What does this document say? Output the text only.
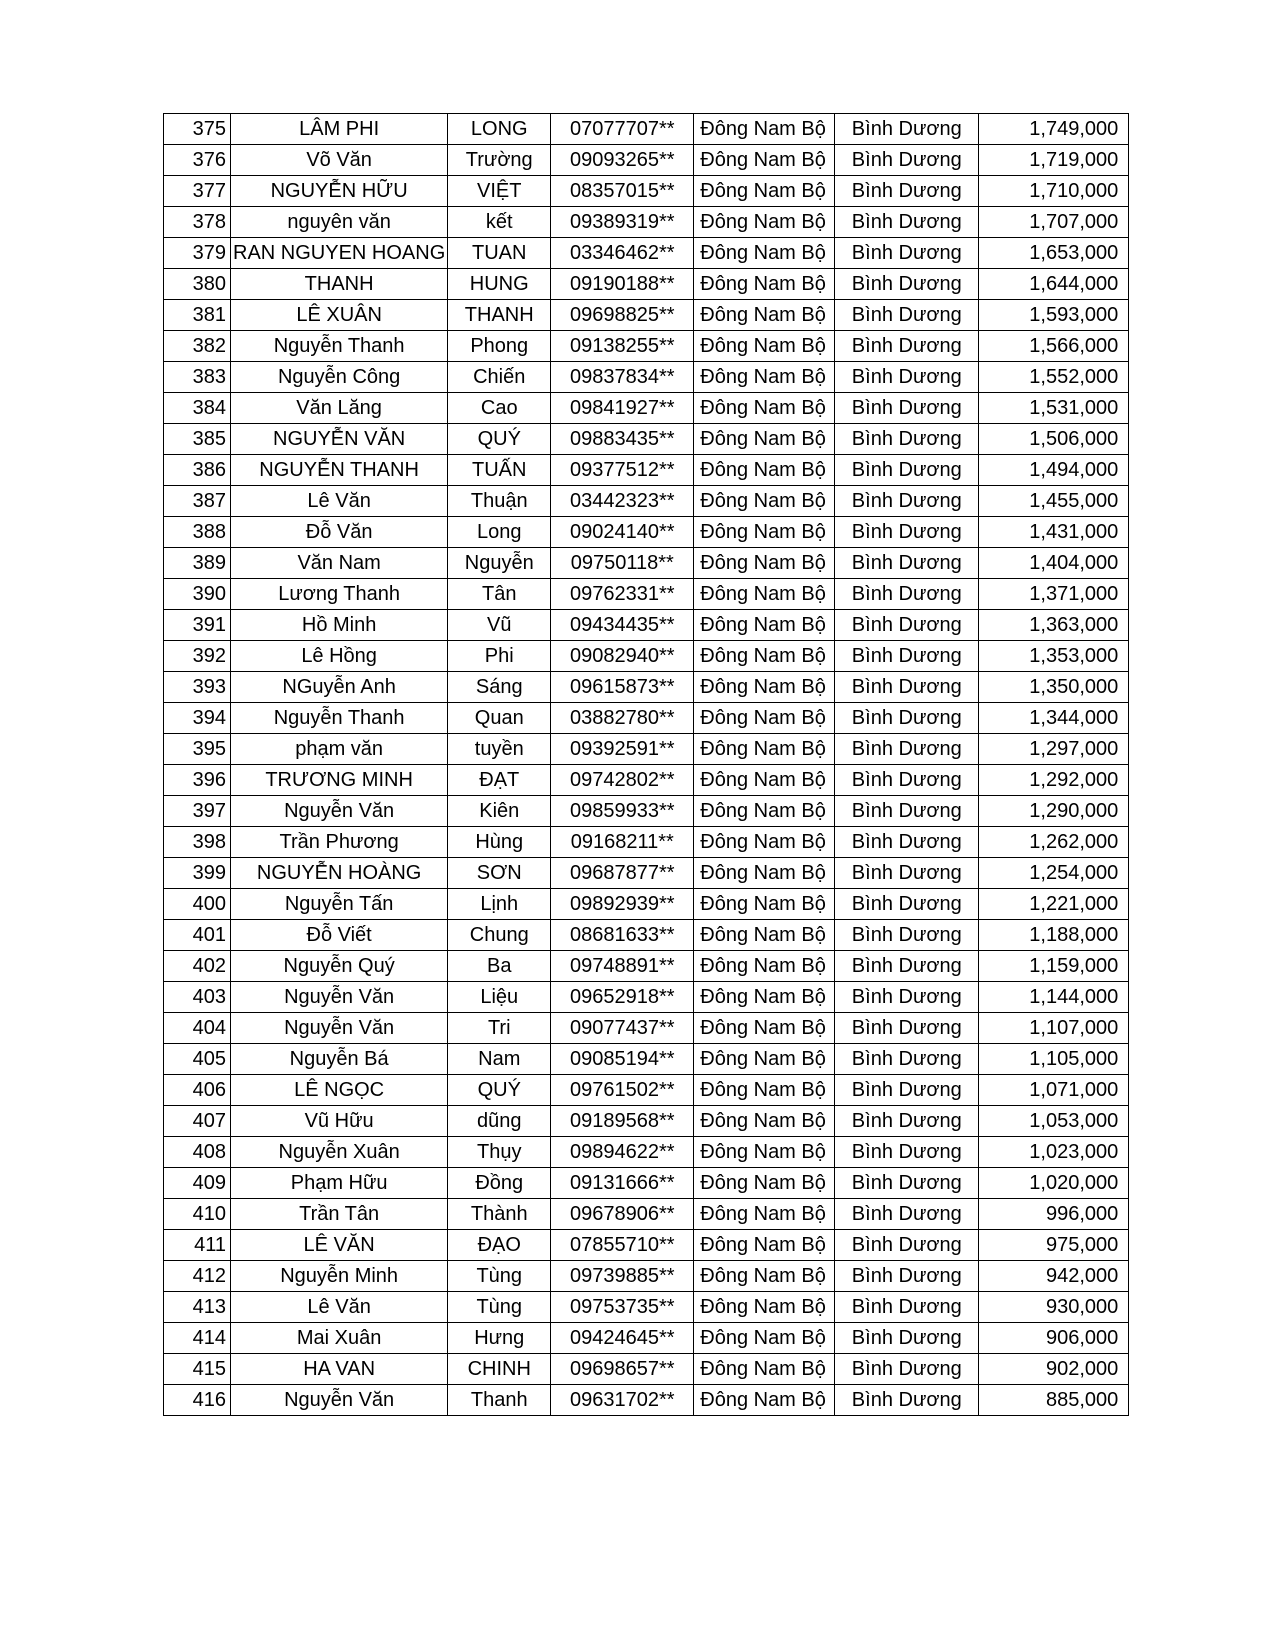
375	LÂM PHI	LONG	07077707**	Đông Nam Bộ	Bình Dương	1,749,000
376	Võ Văn	Trường	09093265**	Đông Nam Bộ	Bình Dương	1,719,000
377	NGUYỄN HỮU	VIỆT	08357015**	Đông Nam Bộ	Bình Dương	1,710,000
378	nguyên văn	kết	09389319**	Đông Nam Bộ	Bình Dương	1,707,000
379	RAN NGUYEN HOANG	TUAN	03346462**	Đông Nam Bộ	Bình Dương	1,653,000
380	THANH	HUNG	09190188**	Đông Nam Bộ	Bình Dương	1,644,000
381	LÊ XUÂN	THANH	09698825**	Đông Nam Bộ	Bình Dương	1,593,000
382	Nguyễn Thanh	Phong	09138255**	Đông Nam Bộ	Bình Dương	1,566,000
383	Nguyễn Công	Chiến	09837834**	Đông Nam Bộ	Bình Dương	1,552,000
384	Văn Lăng	Cao	09841927**	Đông Nam Bộ	Bình Dương	1,531,000
385	NGUYỄN VĂN	QUÝ	09883435**	Đông Nam Bộ	Bình Dương	1,506,000
386	NGUYỄN THANH	TUẤN	09377512**	Đông Nam Bộ	Bình Dương	1,494,000
387	Lê Văn	Thuận	03442323**	Đông Nam Bộ	Bình Dương	1,455,000
388	Đỗ Văn	Long	09024140**	Đông Nam Bộ	Bình Dương	1,431,000
389	Văn Nam	Nguyễn	09750118**	Đông Nam Bộ	Bình Dương	1,404,000
390	Lương Thanh	Tân	09762331**	Đông Nam Bộ	Bình Dương	1,371,000
391	Hồ Minh	Vũ	09434435**	Đông Nam Bộ	Bình Dương	1,363,000
392	Lê Hồng	Phi	09082940**	Đông Nam Bộ	Bình Dương	1,353,000
393	NGuyễn Anh	Sáng	09615873**	Đông Nam Bộ	Bình Dương	1,350,000
394	Nguyễn Thanh	Quan	03882780**	Đông Nam Bộ	Bình Dương	1,344,000
395	phạm văn	tuyền	09392591**	Đông Nam Bộ	Bình Dương	1,297,000
396	TRƯƠNG MINH	ĐẠT	09742802**	Đông Nam Bộ	Bình Dương	1,292,000
397	Nguyễn Văn	Kiên	09859933**	Đông Nam Bộ	Bình Dương	1,290,000
398	Trần Phương	Hùng	09168211**	Đông Nam Bộ	Bình Dương	1,262,000
399	NGUYỄN HOÀNG	SƠN	09687877**	Đông Nam Bộ	Bình Dương	1,254,000
400	Nguyễn Tấn	Lịnh	09892939**	Đông Nam Bộ	Bình Dương	1,221,000
401	Đỗ Viết	Chung	08681633**	Đông Nam Bộ	Bình Dương	1,188,000
402	Nguyễn Quý	Ba	09748891**	Đông Nam Bộ	Bình Dương	1,159,000
403	Nguyễn Văn	Liệu	09652918**	Đông Nam Bộ	Bình Dương	1,144,000
404	Nguyễn Văn	Tri	09077437**	Đông Nam Bộ	Bình Dương	1,107,000
405	Nguyễn Bá	Nam	09085194**	Đông Nam Bộ	Bình Dương	1,105,000
406	LÊ NGỌC	QUÝ	09761502**	Đông Nam Bộ	Bình Dương	1,071,000
407	Vũ Hữu	dũng	09189568**	Đông Nam Bộ	Bình Dương	1,053,000
408	Nguyễn Xuân	Thụy	09894622**	Đông Nam Bộ	Bình Dương	1,023,000
409	Phạm Hữu	Đồng	09131666**	Đông Nam Bộ	Bình Dương	1,020,000
410	Trần Tân	Thành	09678906**	Đông Nam Bộ	Bình Dương	996,000
411	LÊ VĂN	ĐẠO	07855710**	Đông Nam Bộ	Bình Dương	975,000
412	Nguyễn Minh	Tùng	09739885**	Đông Nam Bộ	Bình Dương	942,000
413	Lê Văn	Tùng	09753735**	Đông Nam Bộ	Bình Dương	930,000
414	Mai Xuân	Hưng	09424645**	Đông Nam Bộ	Bình Dương	906,000
415	HA VAN	CHINH	09698657**	Đông Nam Bộ	Bình Dương	902,000
416	Nguyễn Văn	Thanh	09631702**	Đông Nam Bộ	Bình Dương	885,000
